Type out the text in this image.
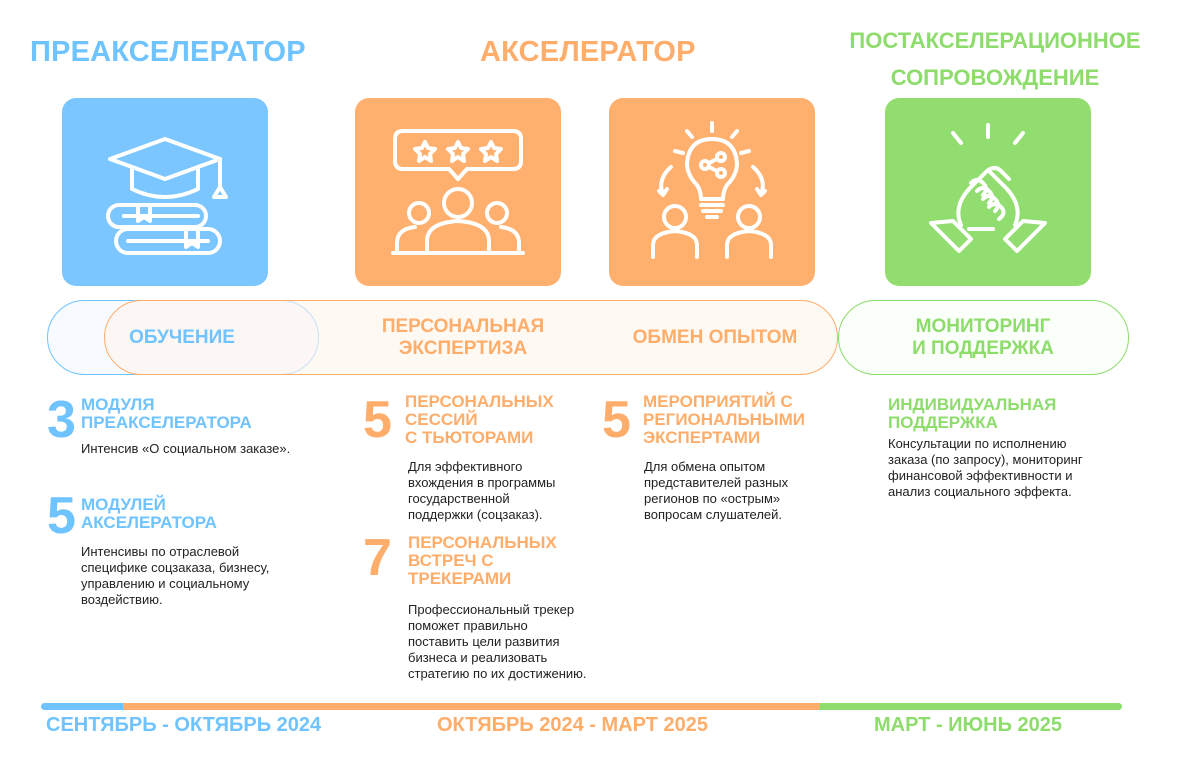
ПРЕАКСЕЛЕРАТОР	АКСЕЛЕРАТОР	ПОСТАКСЕЛЕРАЦИОННОЕ
СОПРОВОЖДЕНИЕ
ОБУЧЕНИЕ
ПЕРСОНАЛЬНАЯ
ЭКСПЕРТИЗА
ОБМЕН ОПЫТОМ
МОНИТОРИНГ
И ПОДДЕРЖКА
3 МОДУЛЯ
ПРЕАКСЕЛЕРАТОРА
Интенсив «О социальном заказе».
5 МОДУЛЕЙ
АКСЕЛЕРАТОРА
Интенсивы по отраслевой
специфике соцзаказа, бизнесу,
управлению и социальному
воздействию.
5 ПЕРСОНАЛЬНЫХ
СЕССИЙ
С ТЬЮТОРАМИ
Для эффективного
вхождения в программы
государственной
поддержки (соцзаказ).
7 ПЕРСОНАЛЬНЫХ
ВСТРЕЧ С
ТРЕКЕРАМИ
Профессиональный трекер
поможет правильно
поставить цели развития
бизнеса и реализовать
стратегию по их достижению.
5 МЕРОПРИЯТИЙ С
РЕГИОНАЛЬНЫМИ
ЭКСПЕРТАМИ
Для обмена опытом
представителей разных
регионов по «острым»
вопросам слушателей.
ИНДИВИДУАЛЬНАЯ
ПОДДЕРЖКА
Консультации по исполнению
заказа (по запросу), мониторинг
финансовой эффективности и
анализ социального эффекта.
СЕНТЯБРЬ - ОКТЯБРЬ 2024	ОКТЯБРЬ 2024 - МАРТ 2025	МАРТ - ИЮНЬ 2025
